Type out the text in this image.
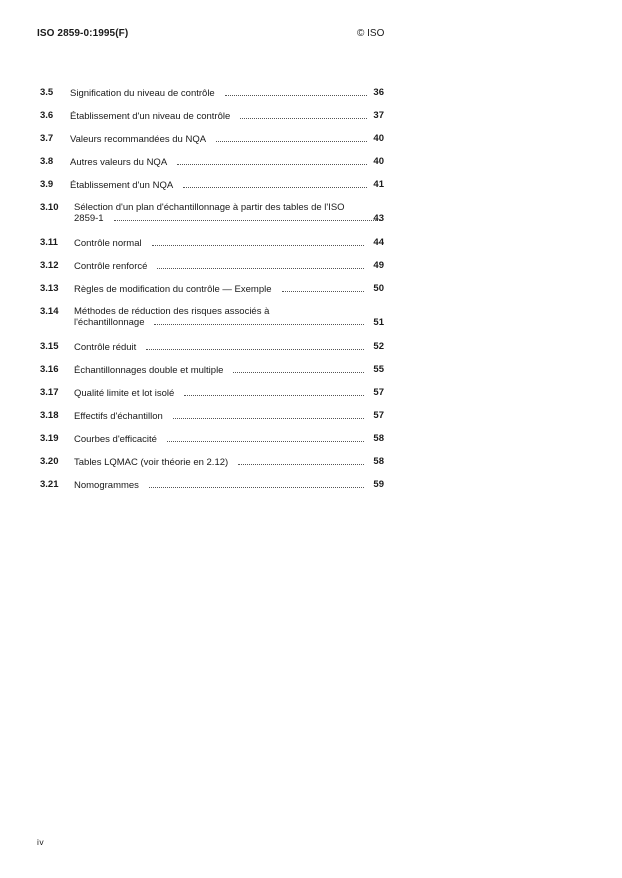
ISO 2859-0:1995(F)	© ISO
3.5 Signification du niveau de contrôle	36
3.6 Établissement d'un niveau de contrôle	37
3.7 Valeurs recommandées du NQA	40
3.8 Autres valeurs du NQA	40
3.9 Établissement d'un NQA	41
3.10 Sélection d'un plan d'échantillonnage à partir des tables de l'ISO
2859-1	43
3.11 Contrôle normal	44
3.12 Contrôle renforcé	49
3.13 Règles de modification du contrôle — Exemple	50
3.14 Méthodes de réduction des risques associés à
l'échantillonnage	51
3.15 Contrôle réduit	52
3.16 Échantillonnages double et multiple	55
3.17 Qualité limite et lot isolé	57
3.18 Effectifs d'échantillon	57
3.19 Courbes d'efficacité	58
3.20 Tables LQMAC (voir théorie en 2.12)	58
3.21 Nomogrammes	59
iv
